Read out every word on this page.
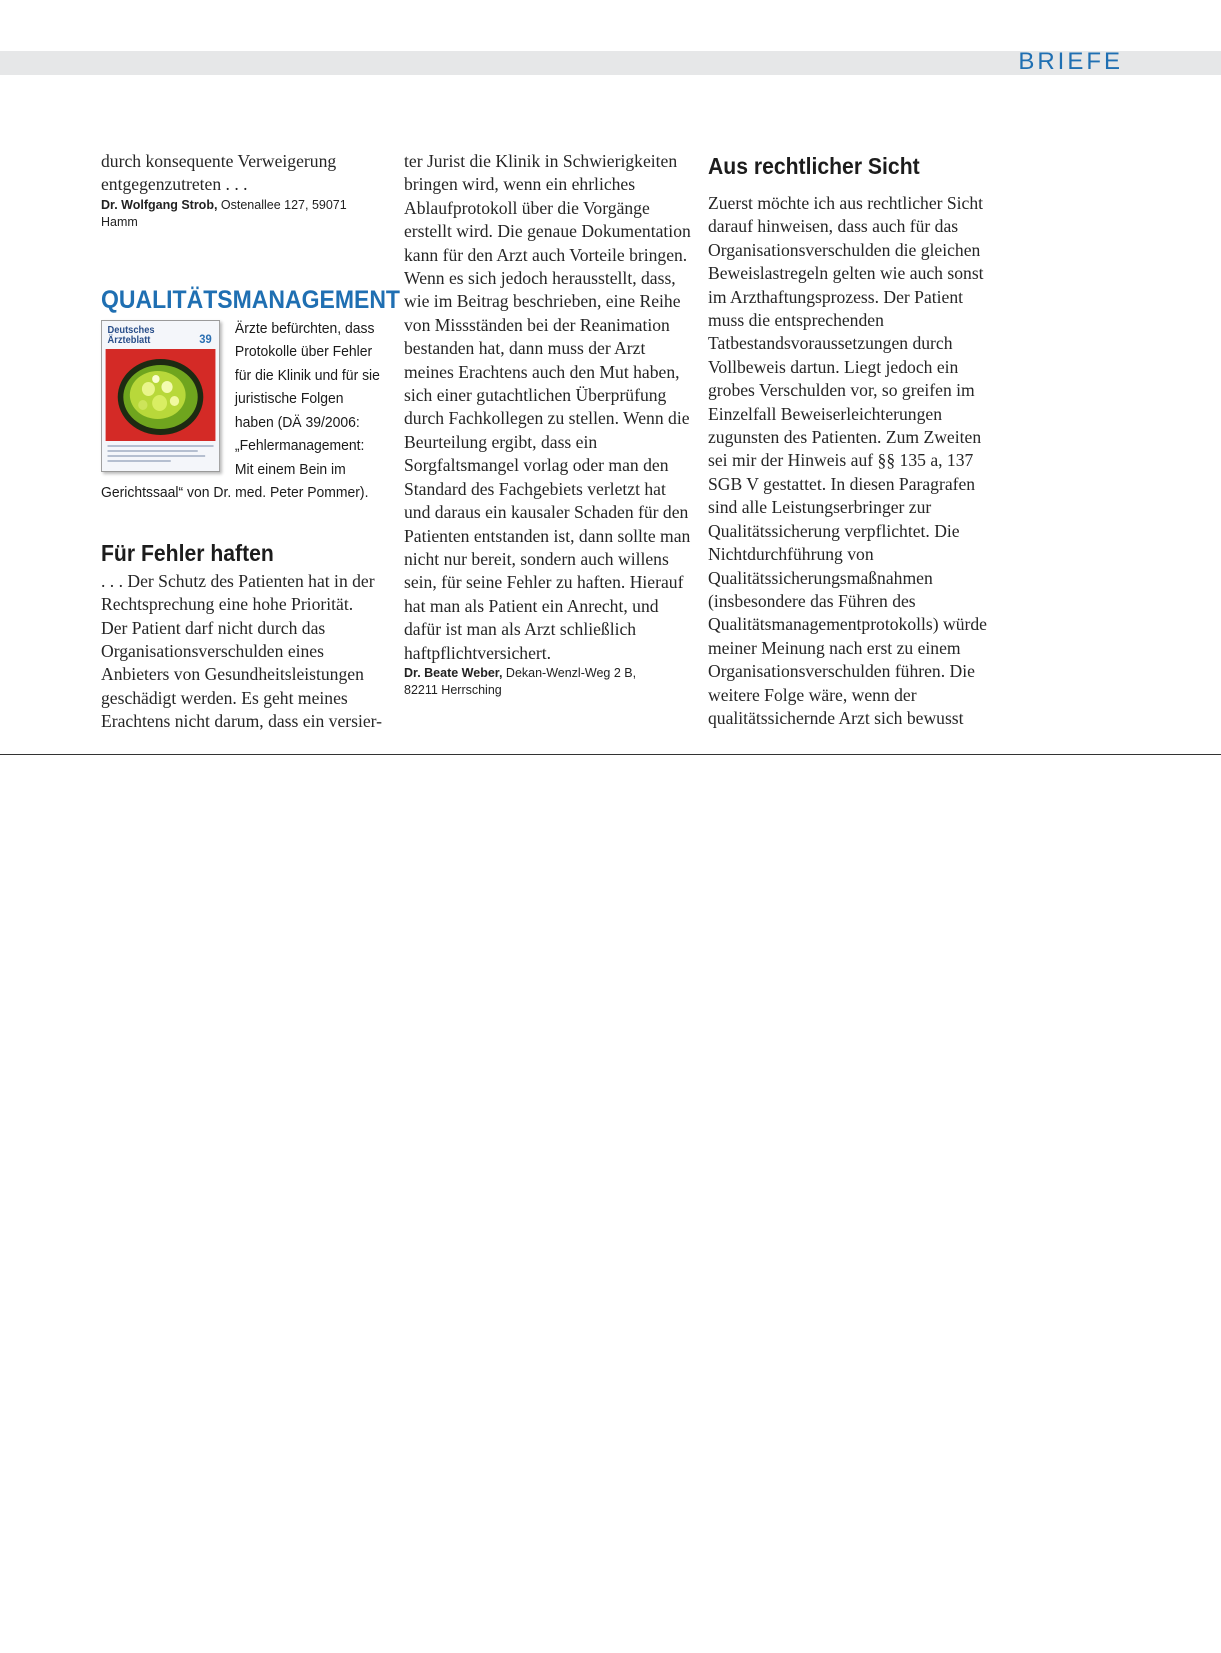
BRIEFE

durch konsequente Verweigerung entgegenzutreten . . .

Dr. Wolfgang Strob, Ostenallee 127, 59071 Hamm

QUALITÄTSMANAGEMENT
Deutsches Ärzteblatt	39
Ärzte befürchten, dass Protokolle über Fehler für die Klinik und für sie juristische Folgen haben (DÄ 39/2006: „Fehlermanagement: Mit einem Bein im Gerichtssaal“ von Dr. med. Peter Pommer).
Für Fehler haften

. . . Der Schutz des Patienten hat in der Rechtsprechung eine hohe Priorität. Der Patient darf nicht durch das Organisationsverschulden eines Anbieters von Gesundheitsleistungen geschädigt werden. Es geht meines Erachtens nicht darum, dass ein versier-

ter Jurist die Klinik in Schwierigkeiten bringen wird, wenn ein ehrliches Ablaufprotokoll über die Vorgänge erstellt wird. Die genaue Dokumentation kann für den Arzt auch Vorteile bringen. Wenn es sich jedoch herausstellt, dass, wie im Beitrag beschrieben, eine Reihe von Missständen bei der Reanimation bestanden hat, dann muss der Arzt meines Erachtens auch den Mut haben, sich einer gutachtlichen Überprüfung durch Fachkollegen zu stellen. Wenn die Beurteilung ergibt, dass ein Sorgfaltsmangel vorlag oder man den Standard des Fachgebiets verletzt hat und daraus ein kausaler Schaden für den Patienten entstanden ist, dann sollte man nicht nur bereit, sondern auch willens sein, für seine Fehler zu haften. Hierauf hat man als Patient ein Anrecht, und dafür ist man als Arzt schließlich haftpflichtversichert.

Dr. Beate Weber, Dekan-Wenzl-Weg 2 B,
82211 Herrsching

Aus rechtlicher Sicht

Zuerst möchte ich aus rechtlicher Sicht darauf hinweisen, dass auch für das Organisationsverschulden die gleichen Beweislastregeln gelten wie auch sonst im Arzthaftungsprozess. Der Patient muss die entsprechenden Tatbestandsvoraussetzungen durch Vollbeweis dartun. Liegt jedoch ein grobes Verschulden vor, so greifen im Einzelfall Beweiserleichterungen zugunsten des Patienten. Zum Zweiten sei mir der Hinweis auf §§ 135 a, 137 SGB V gestattet. In diesen Paragrafen sind alle Leistungserbringer zur Qualitätssicherung verpflichtet. Die Nichtdurchführung von Qualitätssicherungsmaßnahmen (insbesondere das Führen des Qualitätsmanagementprotokolls) würde meiner Meinung nach erst zu einem Organisationsverschulden führen. Die weitere Folge wäre, wenn der qualitätssichernde Arzt sich bewusst
